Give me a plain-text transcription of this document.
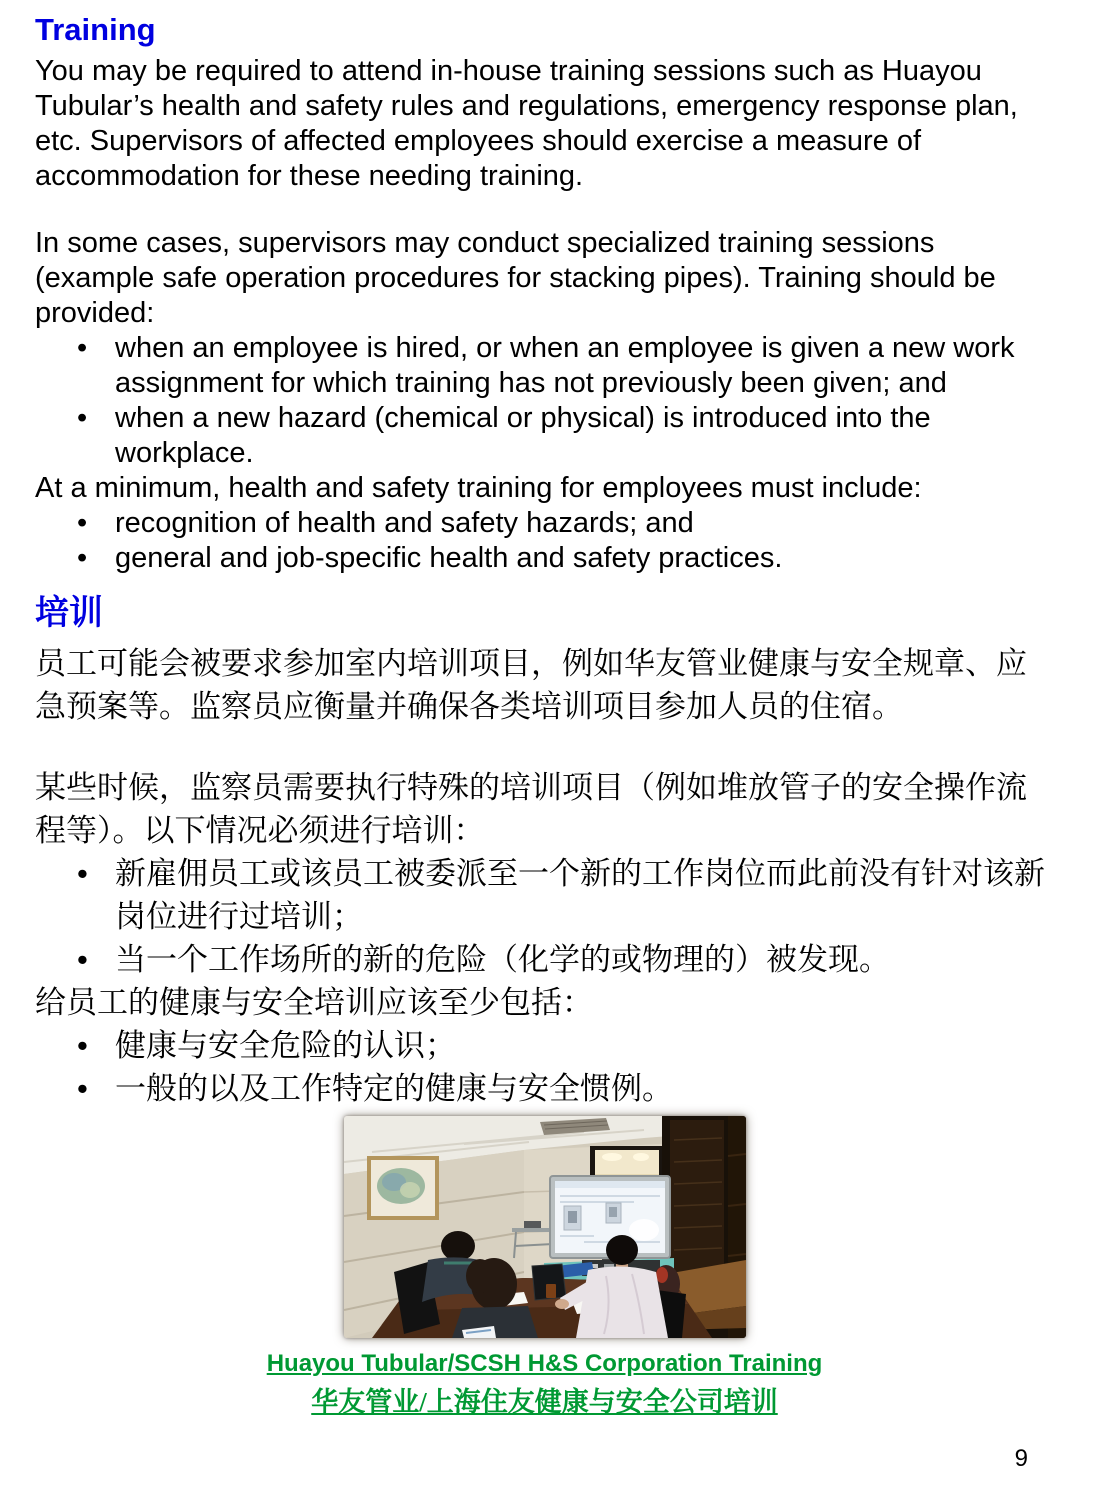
Training

You may be required to attend in-house training sessions such as Huayou Tubular’s health and safety rules and regulations, emergency response plan, etc. Supervisors of affected employees should exercise a measure of accommodation for these needing training.

In some cases, supervisors may conduct specialized training sessions (example safe operation procedures for stacking pipes). Training should be provided:

• when an employee is hired, or when an employee is given a new work assignment for which training has not previously been given; and
• when a new hazard (chemical or physical) is introduced into the workplace.

At a minimum, health and safety training for employees must include:

• recognition of health and safety hazards; and
• general and job-specific health and safety practices.
培训

员工可能会被要求参加室内培训项目，例如华友管业健康与安全规章、应急预案等。监察员应衡量并确保各类培训项目参加人员的住宿。

某些时候，监察员需要执行特殊的培训项目（例如堆放管子的安全操作流程等）。以下情况必须进行培训：

• 新雇佣员工或该员工被委派至一个新的工作岗位而此前没有针对该新岗位进行过培训；
• 当一个工作场所的新的危险（化学的或物理的）被发现。

给员工的健康与安全培训应该至少包括：

• 健康与安全危险的认识；
• 一般的以及工作特定的健康与安全惯例。
Huayou Tubular/SCSH H&S Corporation Training
华友管业/上海住友健康与安全公司培训
9
